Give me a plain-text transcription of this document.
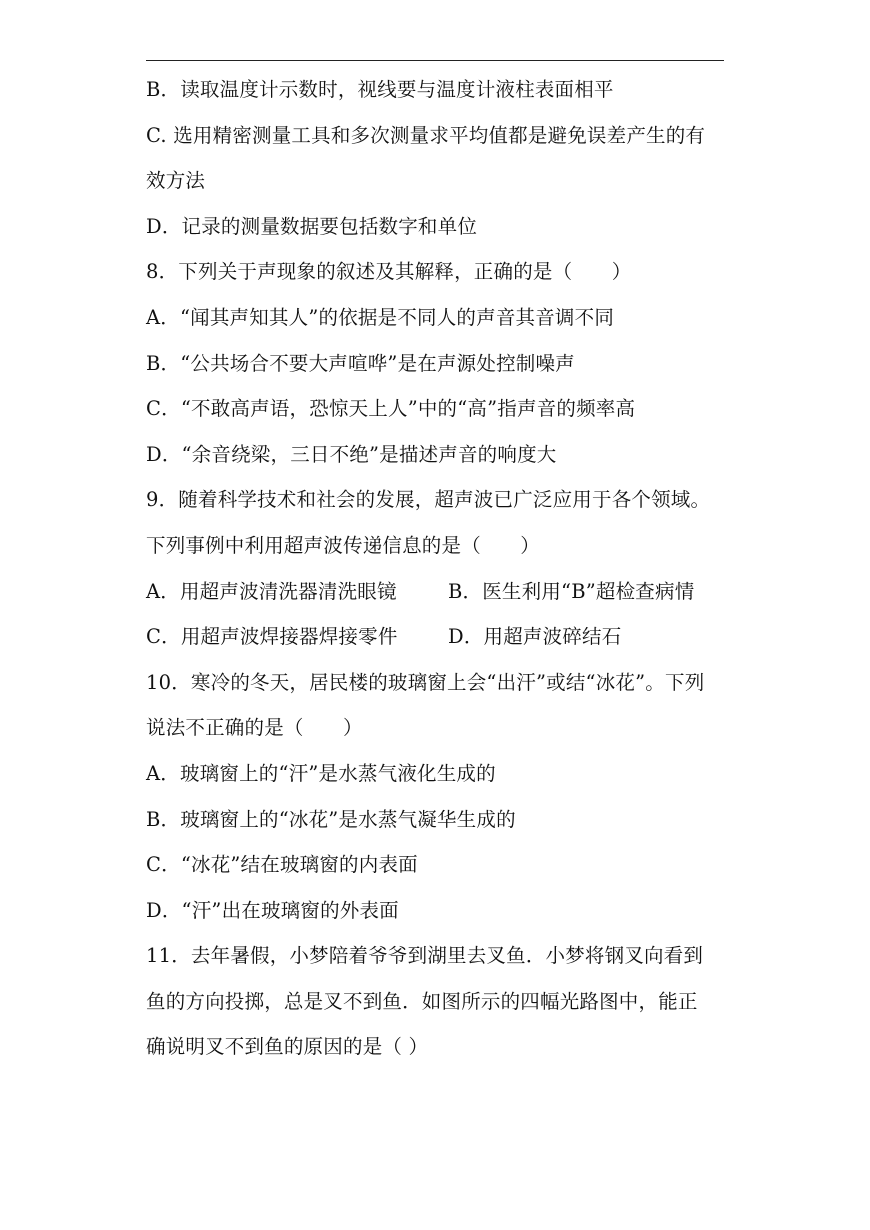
B．读取温度计示数时，视线要与温度计液柱表面相平
C. 选用精密测量工具和多次测量求平均值都是避免误差产生的有
效方法
D．记录的测量数据要包括数字和单位
8．下列关于声现象的叙述及其解释，正确的是（　　）
A．“闻其声知其人”的依据是不同人的声音其音调不同
B．“公共场合不要大声喧哗”是在声源处控制噪声
C．“不敢高声语，恐惊天上人”中的“高”指声音的频率高
D．“余音绕梁，三日不绝”是描述声音的响度大
9．随着科学技术和社会的发展，超声波已广泛应用于各个领域。
下列事例中利用超声波传递信息的是（　　）
A．用超声波清洗器清洗眼镜	B．医生利用“B”超检查病情
C．用超声波焊接器焊接零件	D．用超声波碎结石
10．寒冷的冬天，居民楼的玻璃窗上会“出汗”或结“冰花”。下列
说法不正确的是（　　）
A．玻璃窗上的“汗”是水蒸气液化生成的
B．玻璃窗上的“冰花”是水蒸气凝华生成的
C．“冰花”结在玻璃窗的内表面
D．“汗”出在玻璃窗的外表面
11．去年暑假，小梦陪着爷爷到湖里去叉鱼．小梦将钢叉向看到
鱼的方向投掷，总是叉不到鱼．如图所示的四幅光路图中，能正
确说明叉不到鱼的原因的是（ ）
